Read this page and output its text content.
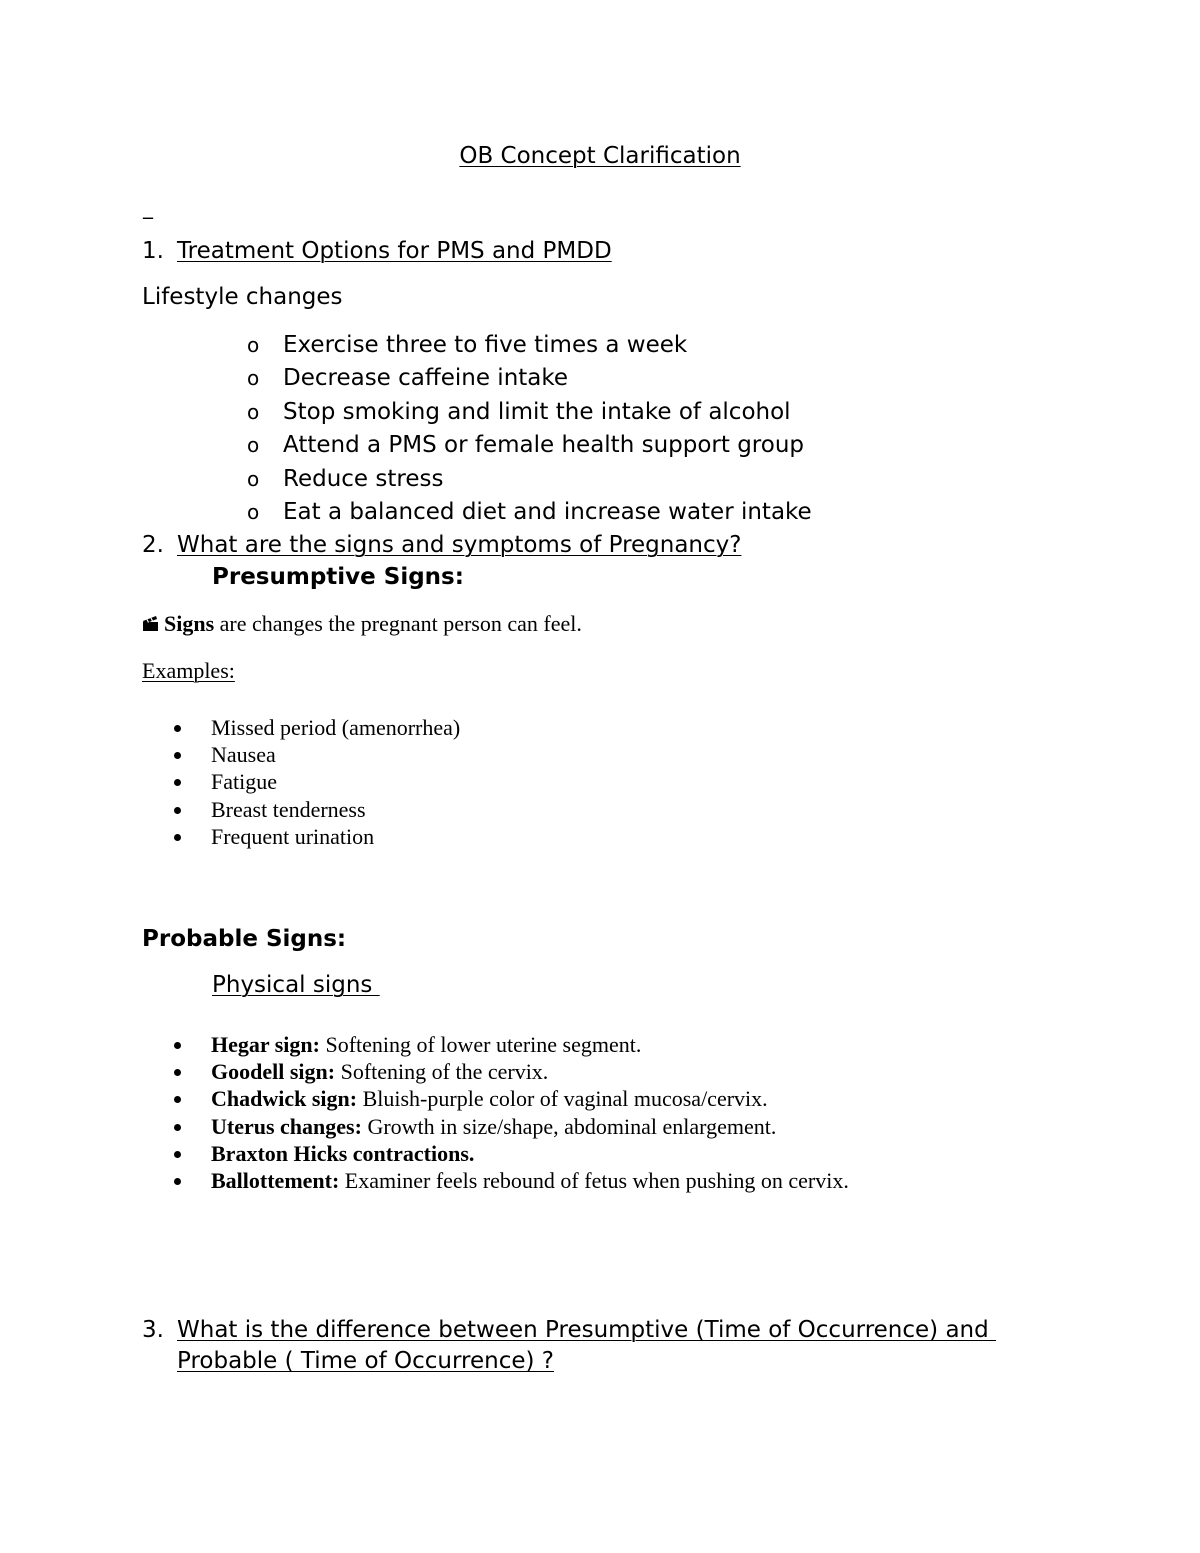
OB Concept Clarification
_
1. Treatment Options for PMS and PMDD
Lifestyle changes
o Exercise three to five times a week
o Decrease caffeine intake
o Stop smoking and limit the intake of alcohol
o Attend a PMS or female health support group
o Reduce stress
o Eat a balanced diet and increase water intake
2. What are the signs and symptoms of Pregnancy?
Presumptive Signs:
Signs are changes the pregnant person can feel.
Examples:
Missed period (amenorrhea)
Nausea
Fatigue
Breast tenderness
Frequent urination
Probable Signs:
Physical signs
Hegar sign: Softening of lower uterine segment.
Goodell sign: Softening of the cervix.
Chadwick sign: Bluish-purple color of vaginal mucosa/cervix.
Uterus changes: Growth in size/shape, abdominal enlargement.
Braxton Hicks contractions.
Ballottement: Examiner feels rebound of fetus when pushing on cervix.
3. What is the difference between Presumptive (Time of Occurrence) and
Probable ( Time of Occurrence) ?
